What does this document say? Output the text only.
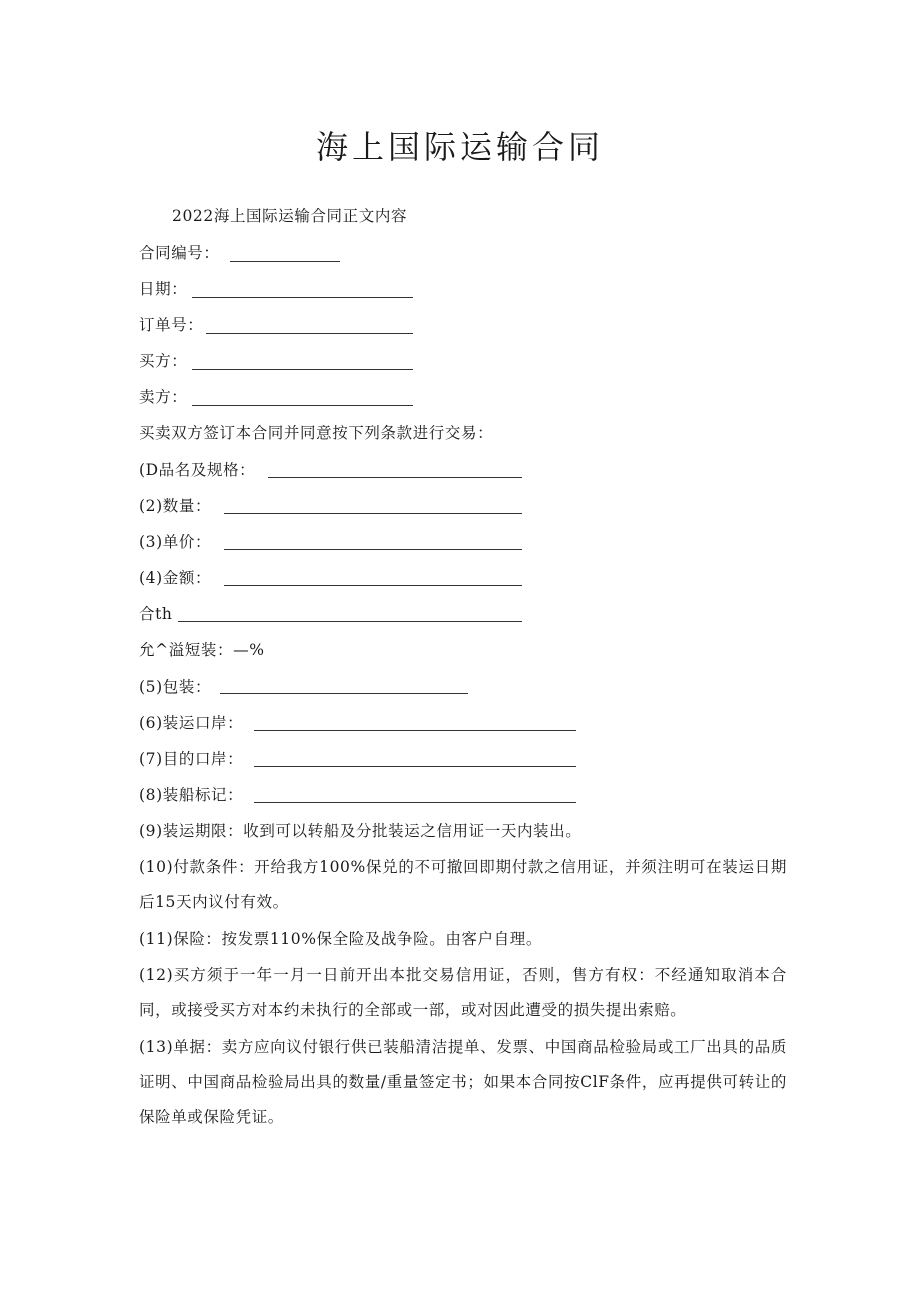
海上国际运输合同
2022海上国际运输合同正文内容
合同编号：
日期：
订单号：
买方：
卖方：
买卖双方签订本合同并同意按下列条款进行交易：
(D品名及规格：
(2)数量：
(3)单价：
(4)金额：
合th
允^溢短装：—%
(5)包装：
(6)装运口岸：
(7)目的口岸：
(8)装船标记：
(9)装运期限：收到可以转船及分批装运之信用证一天内装出。

(10)付款条件：开给我方100%保兑的不可撤回即期付款之信用证，并须注明可在装运日期后15天内议付有效。

(11)保险：按发票110%保全险及战争险。由客户自理。

(12)买方须于一年一月一日前开出本批交易信用证，否则，售方有权：不经通知取消本合同，或接受买方对本约未执行的全部或一部，或对因此遭受的损失提出索赔。

(13)单据：卖方应向议付银行供已装船清洁提单、发票、中国商品检验局或工厂出具的品质证明、中国商品检验局出具的数量/重量签定书；如果本合同按ClF条件，应再提供可转让的保险单或保险凭证。
